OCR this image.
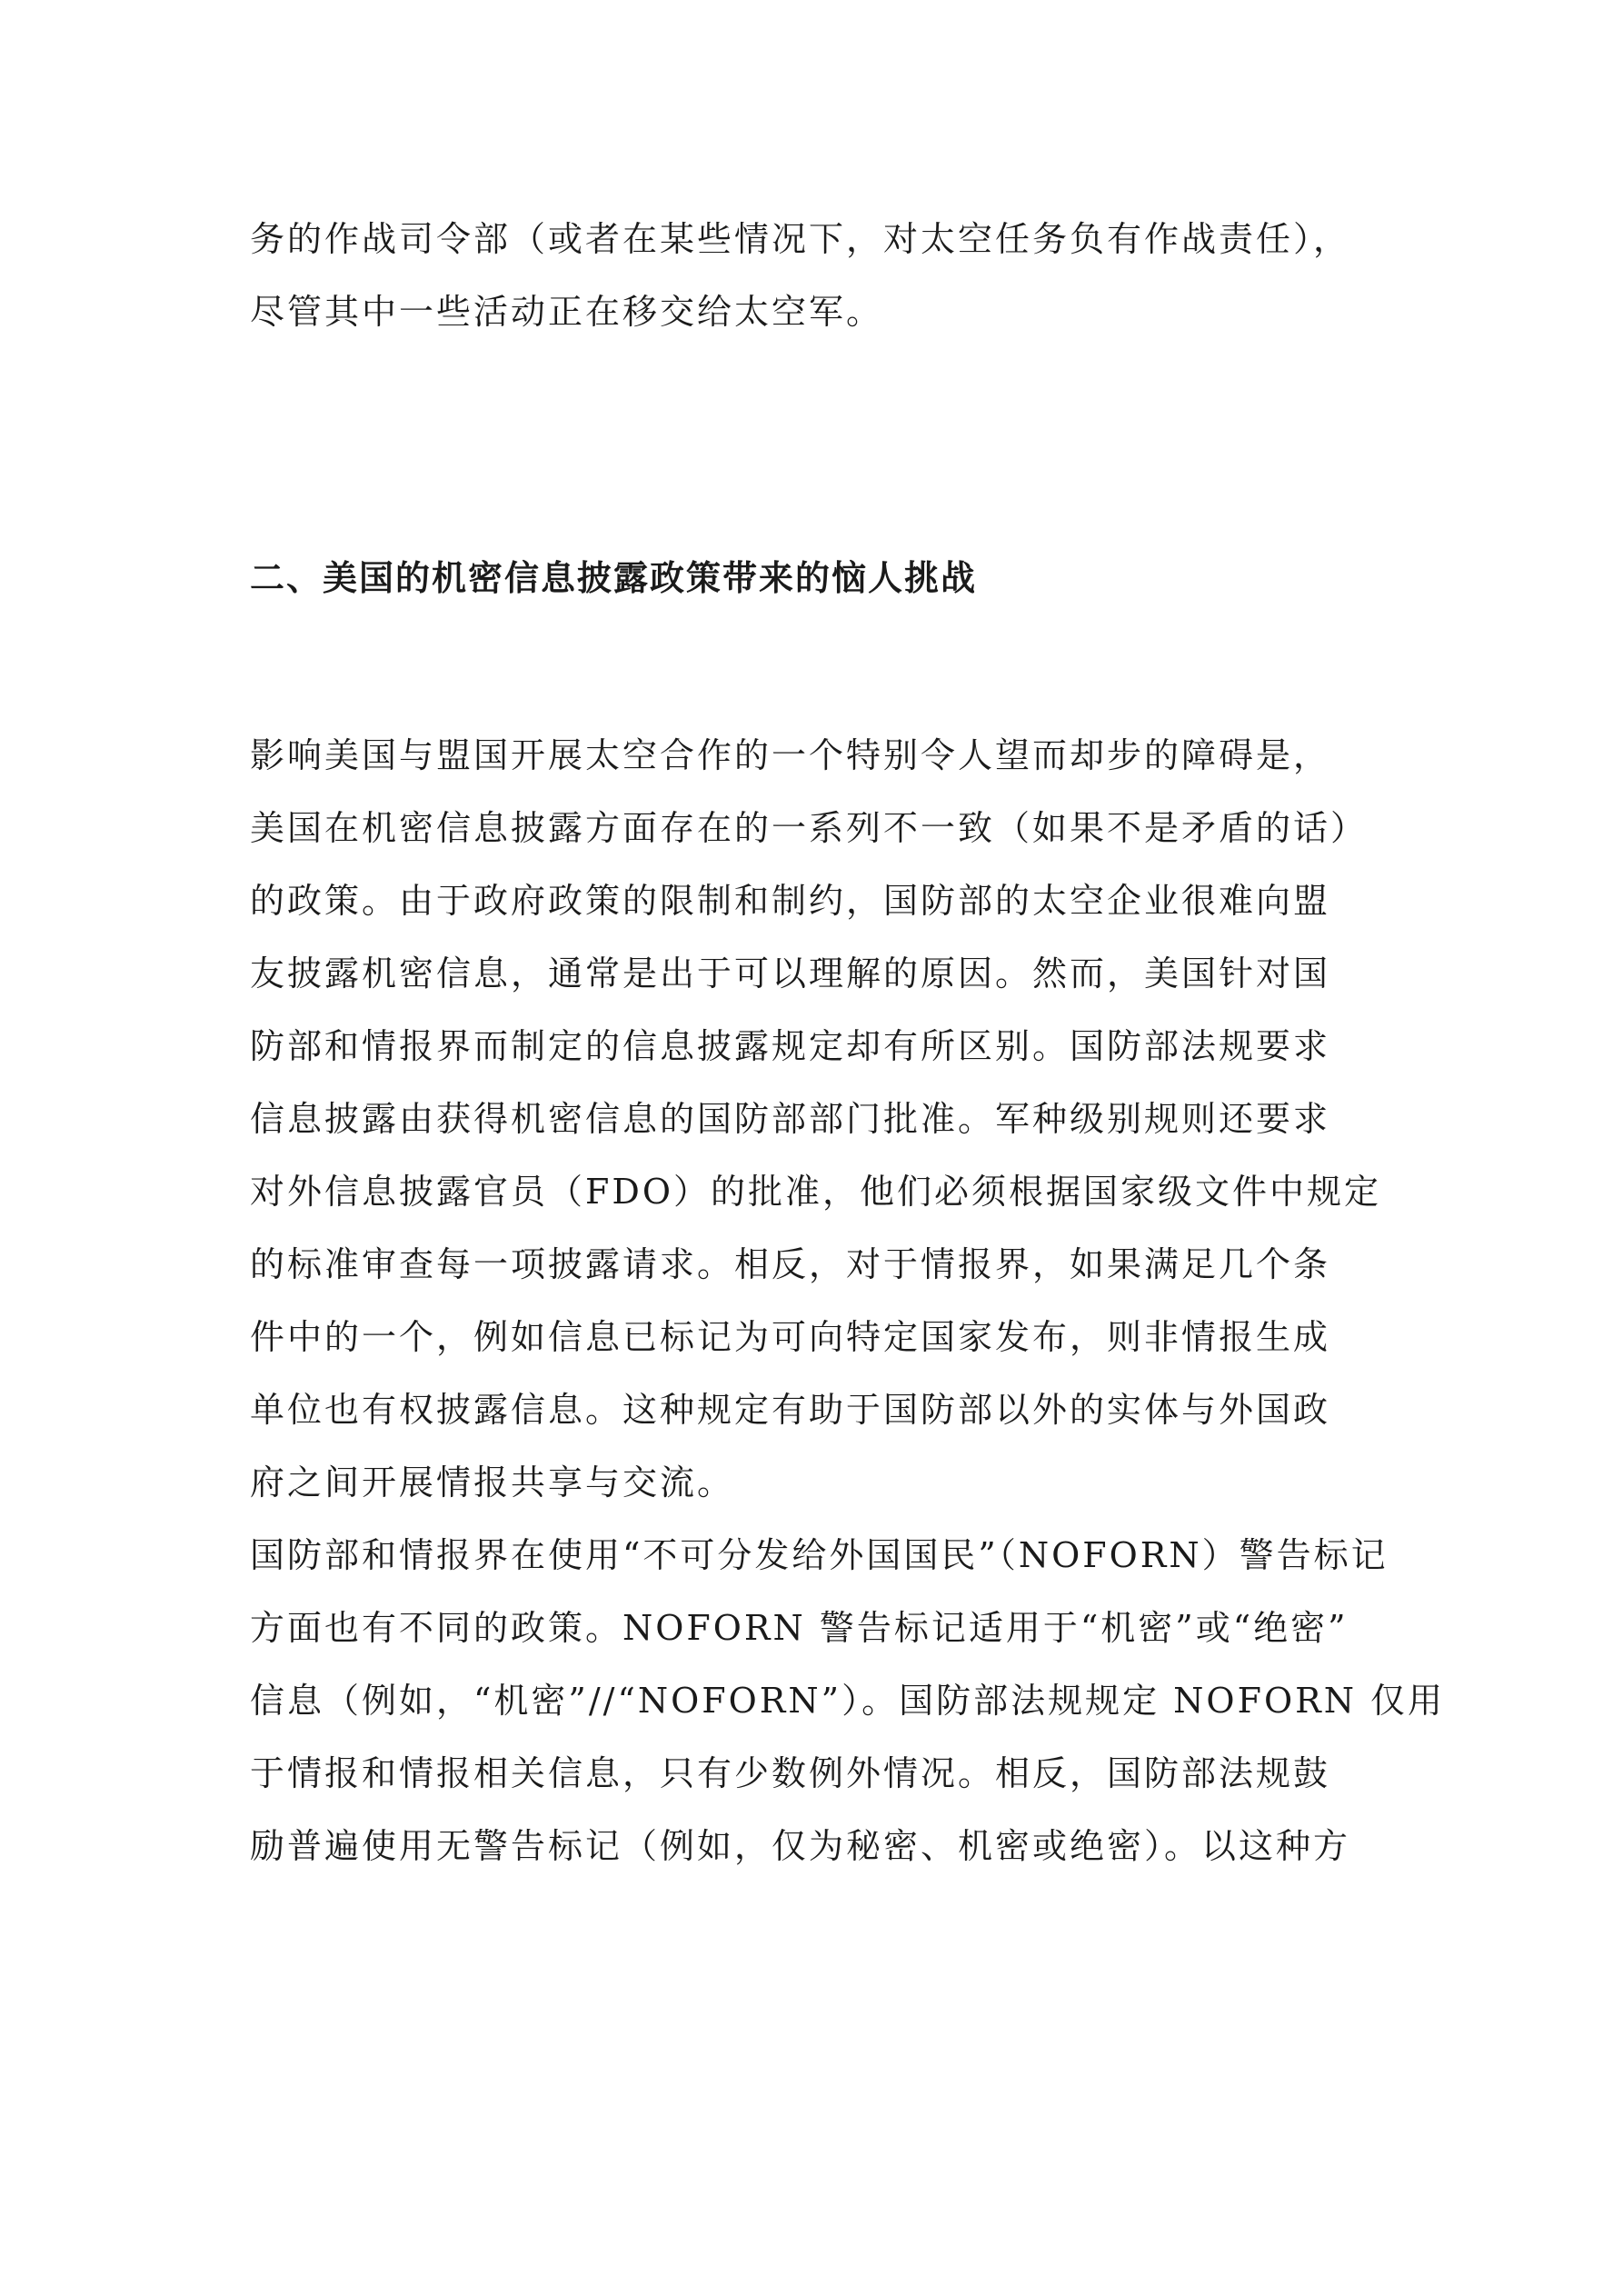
务的作战司令部（或者在某些情况下，对太空任务负有作战责任），
尽管其中一些活动正在移交给太空军。
二、美国的机密信息披露政策带来的恼人挑战
影响美国与盟国开展太空合作的一个特别令人望而却步的障碍是，
美国在机密信息披露方面存在的一系列不一致（如果不是矛盾的话）
的政策。由于政府政策的限制和制约，国防部的太空企业很难向盟
友披露机密信息，通常是出于可以理解的原因。然而，美国针对国
防部和情报界而制定的信息披露规定却有所区别。国防部法规要求
信息披露由获得机密信息的国防部部门批准。军种级别规则还要求
对外信息披露官员（FDO）的批准，他们必须根据国家级文件中规定
的标准审查每一项披露请求。相反，对于情报界，如果满足几个条
件中的一个，例如信息已标记为可向特定国家发布，则非情报生成
单位也有权披露信息。这种规定有助于国防部以外的实体与外国政
府之间开展情报共享与交流。
国防部和情报界在使用“不可分发给外国国民”（NOFORN）警告标记
方面也有不同的政策。NOFORN 警告标记适用于“机密”或“绝密”
信息（例如，“机密”//“NOFORN”）。国防部法规规定 NOFORN 仅用
于情报和情报相关信息，只有少数例外情况。相反，国防部法规鼓
励普遍使用无警告标记（例如，仅为秘密、机密或绝密）。以这种方
